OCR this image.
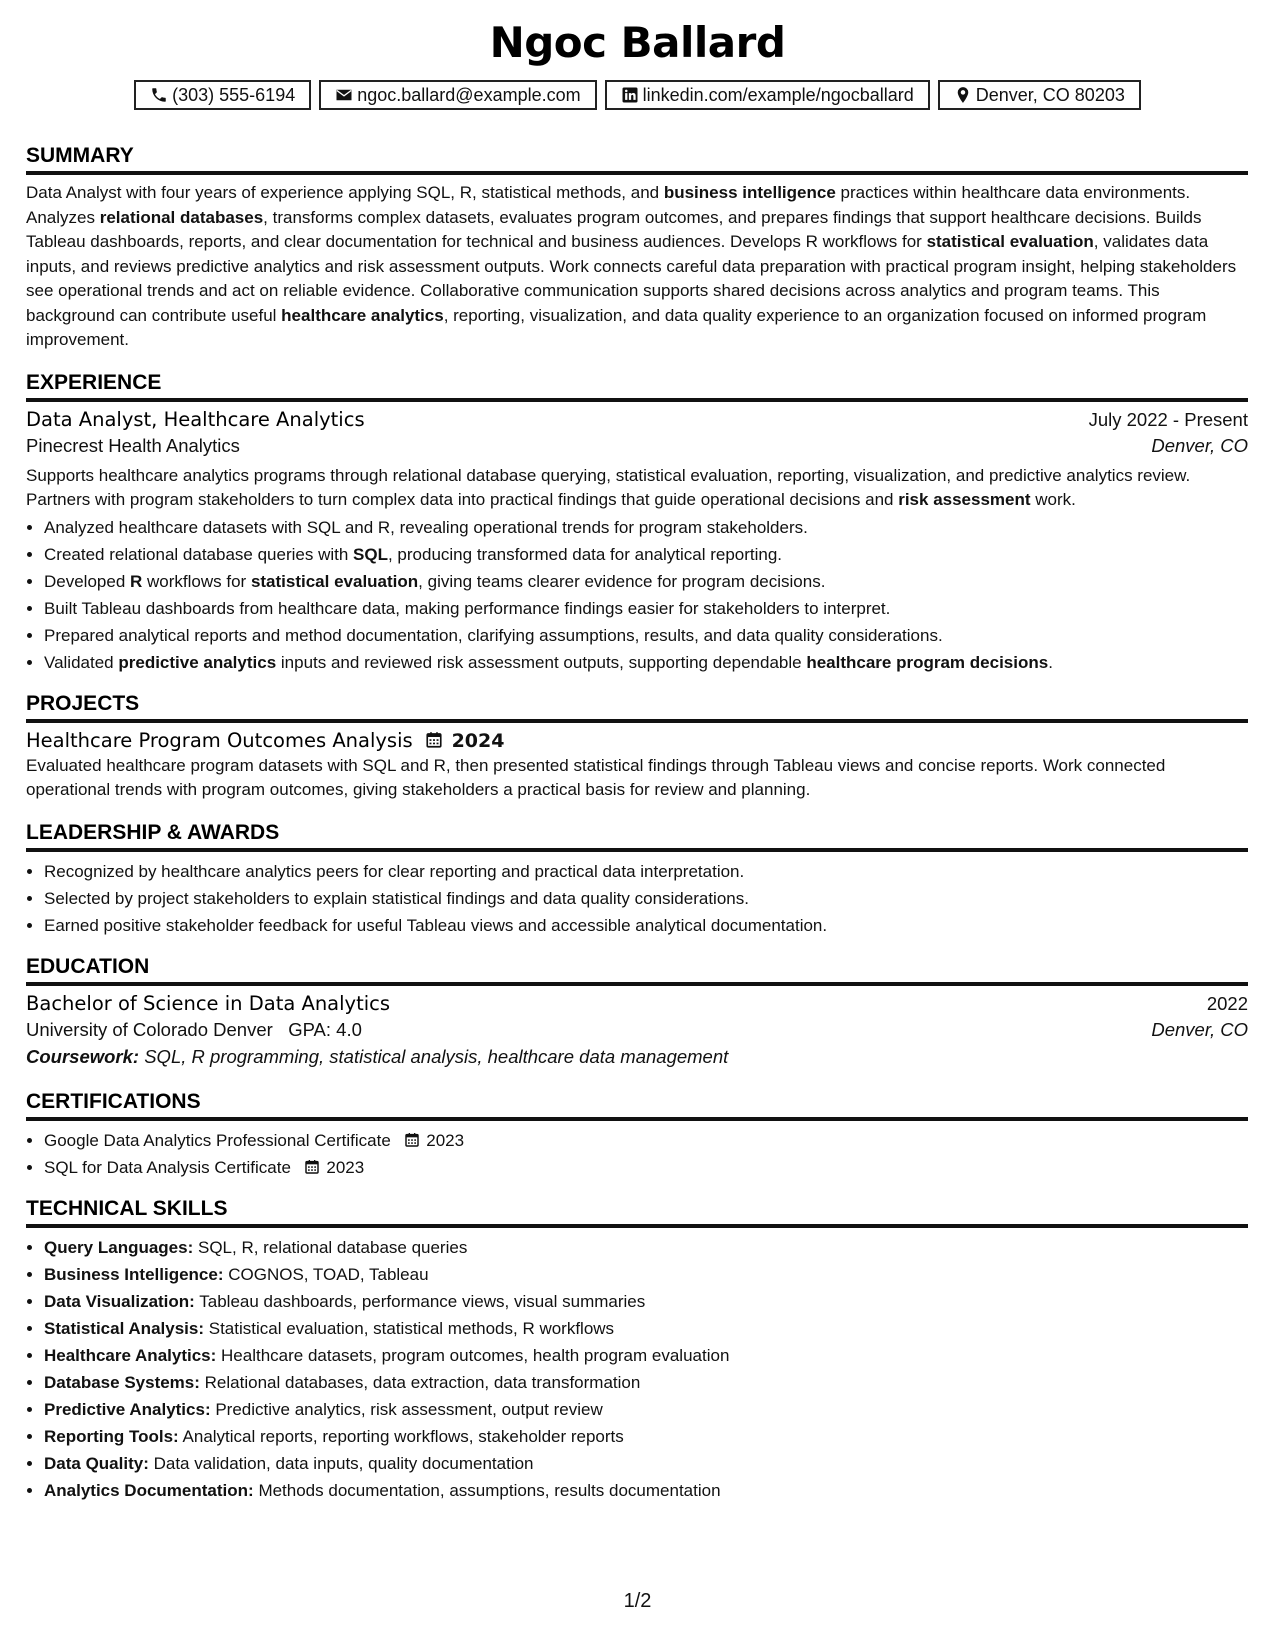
Ngoc Ballard
(303) 555-6194	ngoc.ballard@example.com	linkedin.com/example/ngocballard	Denver, CO 80203
SUMMARY
Data Analyst with four years of experience applying SQL, R, statistical methods, and business intelligence practices within healthcare data environments. Analyzes relational databases, transforms complex datasets, evaluates program outcomes, and prepares findings that support healthcare decisions. Builds Tableau dashboards, reports, and clear documentation for technical and business audiences. Develops R workflows for statistical evaluation, validates data inputs, and reviews predictive analytics and risk assessment outputs. Work connects careful data preparation with practical program insight, helping stakeholders see operational trends and act on reliable evidence. Collaborative communication supports shared decisions across analytics and program teams. This background can contribute useful healthcare analytics, reporting, visualization, and data quality experience to an organization focused on informed program improvement.
EXPERIENCE
Data Analyst, Healthcare Analytics	July 2022 - Present
Pinecrest Health Analytics	Denver, CO
Supports healthcare analytics programs through relational database querying, statistical evaluation, reporting, visualization, and predictive analytics review. Partners with program stakeholders to turn complex data into practical findings that guide operational decisions and risk assessment work.
• Analyzed healthcare datasets with SQL and R, revealing operational trends for program stakeholders.
• Created relational database queries with SQL, producing transformed data for analytical reporting.
• Developed R workflows for statistical evaluation, giving teams clearer evidence for program decisions.
• Built Tableau dashboards from healthcare data, making performance findings easier for stakeholders to interpret.
• Prepared analytical reports and method documentation, clarifying assumptions, results, and data quality considerations.
• Validated predictive analytics inputs and reviewed risk assessment outputs, supporting dependable healthcare program decisions.
PROJECTS
Healthcare Program Outcomes Analysis 2024
Evaluated healthcare program datasets with SQL and R, then presented statistical findings through Tableau views and concise reports. Work connected operational trends with program outcomes, giving stakeholders a practical basis for review and planning.
LEADERSHIP & AWARDS
• Recognized by healthcare analytics peers for clear reporting and practical data interpretation.
• Selected by project stakeholders to explain statistical findings and data quality considerations.
• Earned positive stakeholder feedback for useful Tableau views and accessible analytical documentation.
EDUCATION
Bachelor of Science in Data Analytics	2022
University of Colorado Denver GPA: 4.0	Denver, CO
Coursework: SQL, R programming, statistical analysis, healthcare data management
CERTIFICATIONS
• Google Data Analytics Professional Certificate 2023
• SQL for Data Analysis Certificate 2023
TECHNICAL SKILLS
• Query Languages: SQL, R, relational database queries
• Business Intelligence: COGNOS, TOAD, Tableau
• Data Visualization: Tableau dashboards, performance views, visual summaries
• Statistical Analysis: Statistical evaluation, statistical methods, R workflows
• Healthcare Analytics: Healthcare datasets, program outcomes, health program evaluation
• Database Systems: Relational databases, data extraction, data transformation
• Predictive Analytics: Predictive analytics, risk assessment, output review
• Reporting Tools: Analytical reports, reporting workflows, stakeholder reports
• Data Quality: Data validation, data inputs, quality documentation
• Analytics Documentation: Methods documentation, assumptions, results documentation
1/2
